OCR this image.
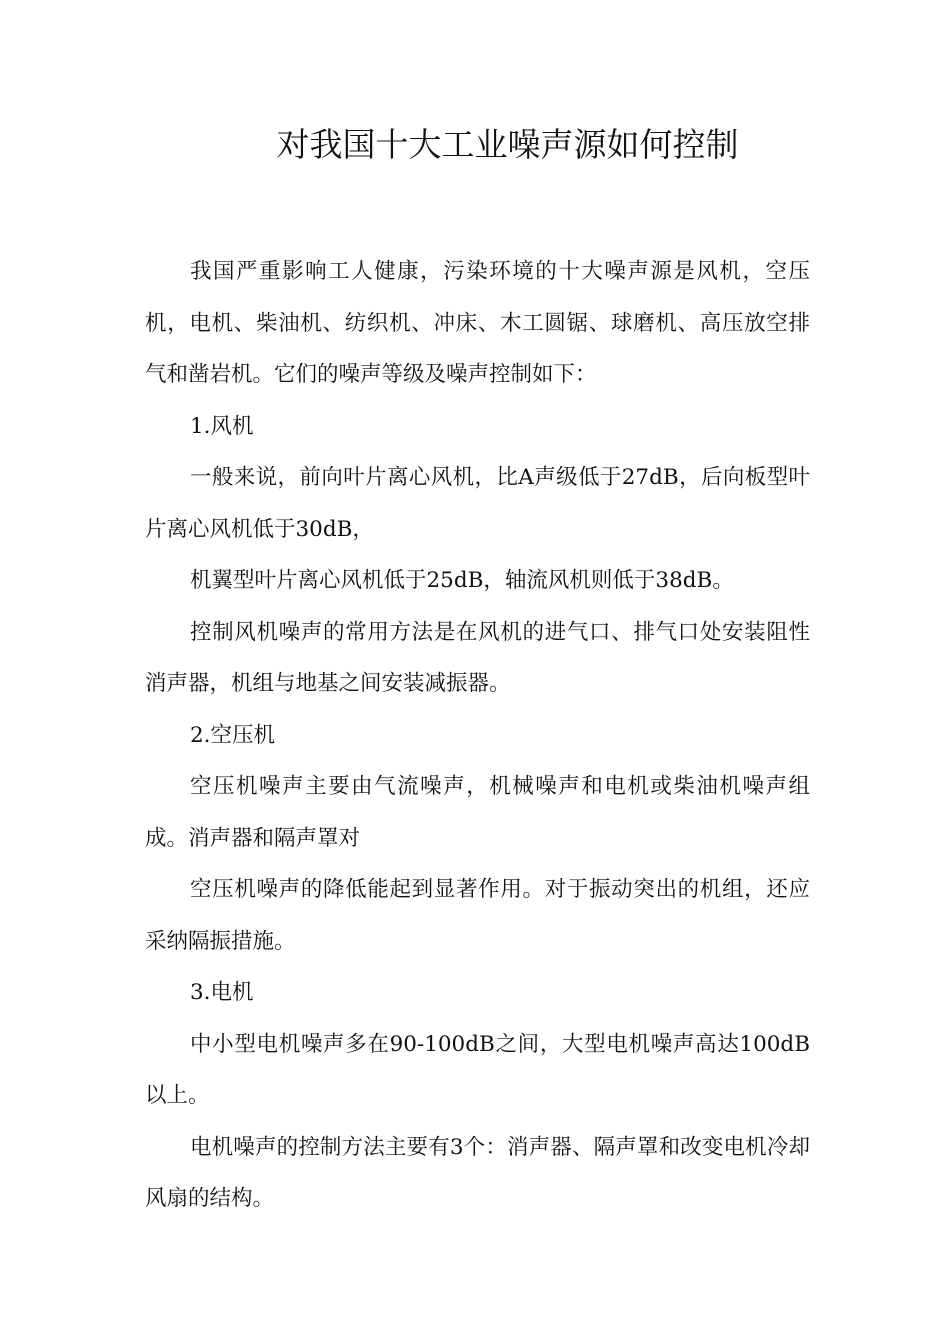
对我国十大工业噪声源如何控制

我国严重影响工人健康，污染环境的十大噪声源是风机，空压机，电机、柴油机、纺织机、冲床、木工圆锯、球磨机、高压放空排气和凿岩机。它们的噪声等级及噪声控制如下：

1.风机

一般来说，前向叶片离心风机，比A声级低于27dB，后向板型叶片离心风机低于30dB，

机翼型叶片离心风机低于25dB，轴流风机则低于38dB。

控制风机噪声的常用方法是在风机的进气口、排气口处安装阻性消声器，机组与地基之间安装减振器。

2.空压机

空压机噪声主要由气流噪声，机械噪声和电机或柴油机噪声组成。消声器和隔声罩对

空压机噪声的降低能起到显著作用。对于振动突出的机组，还应采纳隔振措施。

3.电机

中小型电机噪声多在90-100dB之间，大型电机噪声高达100dB以上。

电机噪声的控制方法主要有3个：消声器、隔声罩和改变电机冷却风扇的结构。
